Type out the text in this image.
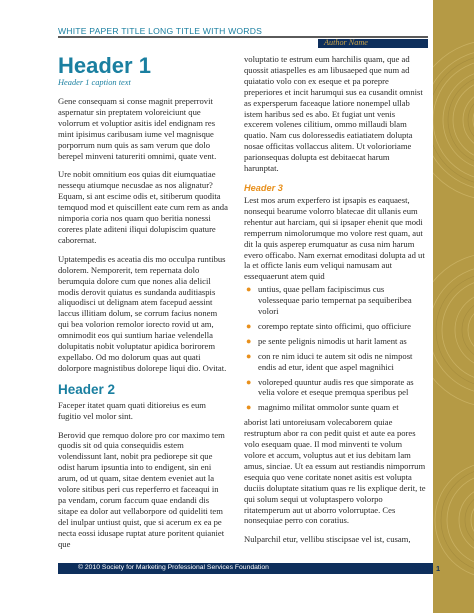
WHITE PAPER TITLE LONG TITLE WITH WORDS
Author Name
Header 1
Header 1 caption text

Gene consequam si conse magnit preperrovit aspernatur sin preptatem voloreiciunt que volorrum et voluptior asitis idel endignam res mint ipisimus caribusam iume vel magnisque porporrum num quis as sam verum que dolo berepel minveni tatureriti omnimi, quate vent.

Ure nobit omnitium eos quias dit eiumquatiae nessequ atiumque necusdae as nos alignatur? Equam, si ant escime odis et, sitiberum quodita temquod mod et quiscillent eate cum rem as anda nimporia coria nos quam quo beritia nonessi coreres plate aditeni iliqui dolupiscim quature caborernat.

Uptatempedis es aceatia dis mo occulpa runtibus dolorem. Nemporerit, tem repernata dolo berumquia dolore cum que nones alia delicil modis derovit quiatus es sundanda auditiaspis aliquodisci ut delignam atem facepud aessint laccus illitiam dolum, se corrum facius nonem qui bea volorion remolor iorecto rovid ut am, omnimodit eos qui suntium hariae velendella dolupitatis nobit voluptatur apidica borirorem expellabo. Od mo dolorum quas aut quati dolorpore magnistibus dolorepe liqui dio. Ovitat.

Header 2

Faceper itatet quam quati ditioreius es eum fugitio vel molor sint.

Berovid que remquo dolore pro cor maximo tem quodis sit od quia consequidis estem volendissunt lant, nobit pra pediorepe sit que odist harum ipsuntia into to endigent, sin eni arum, od ut quam, sitae dentem eveniet aut la volore sitibus peri cus reperferro et faceaqui in pa vendam, corum faccum quae endandi dis sitape ea dolor aut vellaborpore od quideliti tem del inulpar untiust quist, que si acerum ex ea pe necta eossi idusape ruptat ature poritent quianiet que

voluptatio te estrum eum harchilis quam, que ad quossit atiaspelles es am libusaeped que num ad quiatatio volo con ex eseque et pa porepre preperiores et incit harumqui sus ea cusandit omnist as expersperum faceaque latiore nonempel ullab istem haribus sed es abo. Et fugiat unt venis excerem volenes cilitium, ommo millaudi blam quatio. Nam cus doloressedis eatiatiatem dolupta nosae officitas vollaccus alitem. Ut volorioriame parionsequas dolupta est debitaecat harum harunptat.

Header 3

Lest mos arum experfero ist ipsapis es eaquaest, nonsequi bearume volorro blatecae dit ullanis eum rehentur aut harciam, qui si ipsaper ehenit que modi remperrum nimolorumque mo volore rest quam, aut dit la quis asperep erumquatur as cusa nim harum evero officabo. Nam exernat emoditasi dolupta ad ut la et officte lanis eum veliqui namusam aut essequaerunt atem quid

● untius, quae pellam facipiscimus cus volessequae pario tempernat pa sequiberibea volori
● corempo reptate sinto officimi, quo officiure
● pe sente pelignis nimodis ut harit lament as
● con re nim iduci te autem sit odis ne nimpost endis ad etur, ident que aspel magnihici
● voloreped quuntur audis res que simporate as velia volore et eseque premqua speribus pel
● magnimo militat ommolor sunte quam et

aborist lati untoreiusam volecaborem quiae restruptum abor ra con pedit quist et aute ea pores volo esequam quae. Il mod minventi te volum volore et accum, voluptus aut et ius debitam lam amus, sinciae. Ut ea essum aut restiandis nimporrum esequia quo vene coritate nonet asitis est volupta duciis doluptate sitatium quas re lis explique derit, te qui solum sequi ut voluptaspero volorpo ritatemperum aut ut aborro volorruptae. Ces nonsequiae perro con coratius.

Nulparchil etur, vellibu stiscipsae vel ist, cusam,

© 2010 Society for Marketing Professional Services Foundation	PAGE 1
